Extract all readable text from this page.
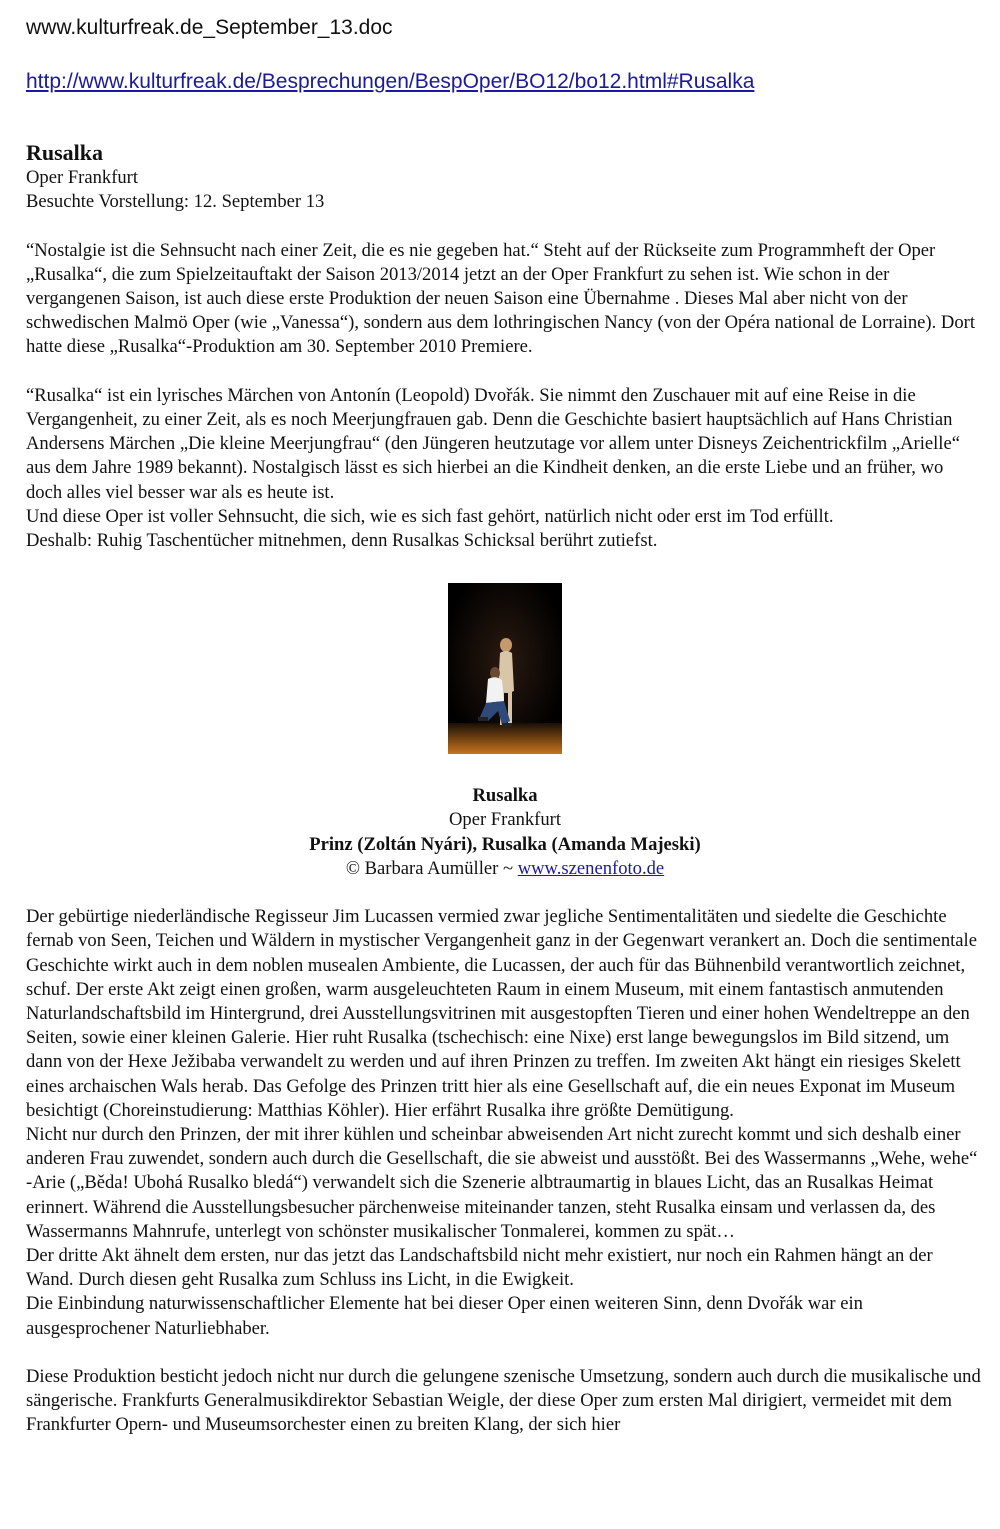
www.kulturfreak.de_September_13.doc
http://www.kulturfreak.de/Besprechungen/BespOper/BO12/bo12.html#Rusalka
Rusalka
Oper Frankfurt
Besuchte Vorstellung: 12. September 13

“Nostalgie ist die Sehnsucht nach einer Zeit, die es nie gegeben hat.“ Steht auf der Rückseite zum Programmheft der Oper „Rusalka“, die zum Spielzeitauftakt der Saison 2013/2014 jetzt an der Oper Frankfurt zu sehen ist. Wie schon in der vergangenen Saison, ist auch diese erste Produktion der neuen Saison eine Übernahme . Dieses Mal aber nicht von der schwedischen Malmö Oper (wie „Vanessa“), sondern aus dem lothringischen Nancy (von der Opéra national de Lorraine). Dort hatte diese „Rusalka“-Produktion am 30. September 2010 Premiere.

“Rusalka“ ist ein lyrisches Märchen von Antonín (Leopold) Dvořák. Sie nimmt den Zuschauer mit auf eine Reise in die Vergangenheit, zu einer Zeit, als es noch Meerjungfrauen gab. Denn die Geschichte basiert hauptsächlich auf Hans Christian Andersens Märchen „Die kleine Meerjungfrau“ (den Jüngeren heutzutage vor allem unter Disneys Zeichentrickfilm „Arielle“ aus dem Jahre 1989 bekannt). Nostalgisch lässt es sich hierbei an die Kindheit denken, an die erste Liebe und an früher, wo doch alles viel besser war als es heute ist.

Und diese Oper ist voller Sehnsucht, die sich, wie es sich fast gehört, natürlich nicht oder erst im Tod erfüllt.

Deshalb: Ruhig Taschentücher mitnehmen, denn Rusalkas Schicksal berührt zutiefst.

Rusalka
Oper Frankfurt
Prinz (Zoltán Nyári), Rusalka (Amanda Majeski)
© Barbara Aumüller ~ www.szenenfoto.de

Der gebürtige niederländische Regisseur Jim Lucassen vermied zwar jegliche Sentimentalitäten und siedelte die Geschichte fernab von Seen, Teichen und Wäldern in mystischer Vergangenheit ganz in der Gegenwart verankert an. Doch die sentimentale Geschichte wirkt auch in dem noblen musealen Ambiente, die Lucassen, der auch für das Bühnenbild verantwortlich zeichnet, schuf. Der erste Akt zeigt einen großen, warm ausgeleuchteten Raum in einem Museum, mit einem fantastisch anmutenden Naturlandschaftsbild im Hintergrund, drei Ausstellungsvitrinen mit ausgestopften Tieren und einer hohen Wendeltreppe an den Seiten, sowie einer kleinen Galerie. Hier ruht Rusalka (tschechisch: eine Nixe) erst lange bewegungslos im Bild sitzend, um dann von der Hexe Ježibaba verwandelt zu werden und auf ihren Prinzen zu treffen. Im zweiten Akt hängt ein riesiges Skelett eines archaischen Wals herab. Das Gefolge des Prinzen tritt hier als eine Gesellschaft auf, die ein neues Exponat im Museum besichtigt (Choreinstudierung: Matthias Köhler). Hier erfährt Rusalka ihre größte Demütigung.

Nicht nur durch den Prinzen, der mit ihrer kühlen und scheinbar abweisenden Art nicht zurecht kommt und sich deshalb einer anderen Frau zuwendet, sondern auch durch die Gesellschaft, die sie abweist und ausstößt. Bei des Wassermanns „Wehe, wehe“ -Arie („Běda! Ubohá Rusalko bledá“) verwandelt sich die Szenerie albtraumartig in blaues Licht, das an Rusalkas Heimat erinnert. Während die Ausstellungsbesucher pärchenweise miteinander tanzen, steht Rusalka einsam und verlassen da, des Wassermanns Mahnrufe, unterlegt von schönster musikalischer Tonmalerei, kommen zu spät…

Der dritte Akt ähnelt dem ersten, nur das jetzt das Landschaftsbild nicht mehr existiert, nur noch ein Rahmen hängt an der Wand. Durch diesen geht Rusalka zum Schluss ins Licht, in die Ewigkeit.

Die Einbindung naturwissenschaftlicher Elemente hat bei dieser Oper einen weiteren Sinn, denn Dvořák war ein ausgesprochener Naturliebhaber.

Diese Produktion besticht jedoch nicht nur durch die gelungene szenische Umsetzung, sondern auch durch die musikalische und sängerische. Frankfurts Generalmusikdirektor Sebastian Weigle, der diese Oper zum ersten Mal dirigiert, vermeidet mit dem Frankfurter Opern- und Museumsorchester einen zu breiten Klang, der sich hier
